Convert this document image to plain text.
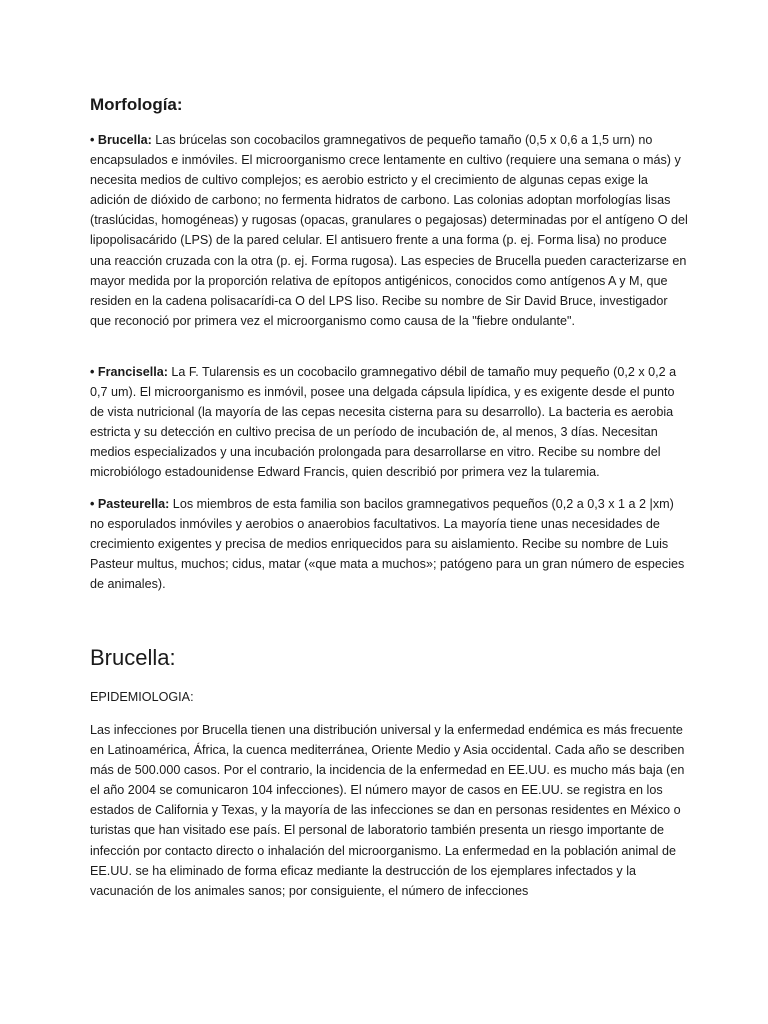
Morfología:

• Brucella: Las brúcelas son cocobacilos gramnegativos de pequeño tamaño (0,5 x 0,6 a 1,5 urn) no encapsulados e inmóviles. El microorganismo crece lentamente en cultivo (requiere una semana o más) y necesita medios de cultivo complejos; es aerobio estricto y el crecimiento de algunas cepas exige la adición de dióxido de carbono; no fermenta hidratos de carbono. Las colonias adoptan morfologías lisas (traslúcidas, homogéneas) y rugosas (opacas, granulares o pegajosas) determinadas por el antígeno O del lipopolisacárido (LPS) de la pared celular. El antisuero frente a una forma (p. ej. Forma lisa) no produce una reacción cruzada con la otra (p. ej. Forma rugosa). Las especies de Brucella pueden caracterizarse en mayor medida por la proporción relativa de epítopos antigénicos, conocidos como antígenos A y M, que residen en la cadena polisacarídi-ca O del LPS liso. Recibe su nombre de Sir David Bruce, investigador que reconoció por primera vez el microorganismo como causa de la "fiebre ondulante".

• Francisella: La F. Tularensis es un cocobacilo gramnegativo débil de tamaño muy pequeño (0,2 x 0,2 a 0,7 um). El microorganismo es inmóvil, posee una delgada cápsula lipídica, y es exigente desde el punto de vista nutricional (la mayoría de las cepas necesita cisterna para su desarrollo). La bacteria es aerobia estricta y su detección en cultivo precisa de un período de incubación de, al menos, 3 días. Necesitan medios especializados y una incubación prolongada para desarrollarse en vitro. Recibe su nombre del microbiólogo estadounidense Edward Francis, quien describió por primera vez la tularemia.

• Pasteurella: Los miembros de esta familia son bacilos gramnegativos pequeños (0,2 a 0,3 x 1 a 2 |xm) no esporulados inmóviles y aerobios o anaerobios facultativos. La mayoría tiene unas necesidades de crecimiento exigentes y precisa de medios enriquecidos para su aislamiento. Recibe su nombre de Luis Pasteur multus, muchos; cidus, matar («que mata a muchos»; patógeno para un gran número de especies de animales).

Brucella:

EPIDEMIOLOGIA:

Las infecciones por Brucella tienen una distribución universal y la enfermedad endémica es más frecuente en Latinoamérica, África, la cuenca mediterránea, Oriente Medio y Asia occidental. Cada año se describen más de 500.000 casos. Por el contrario, la incidencia de la enfermedad en EE.UU. es mucho más baja (en el año 2004 se comunicaron 104 infecciones). El número mayor de casos en EE.UU. se registra en los estados de California y Texas, y la mayoría de las infecciones se dan en personas residentes en México o turistas que han visitado ese país. El personal de laboratorio también presenta un riesgo importante de infección por contacto directo o inhalación del microorganismo. La enfermedad en la población animal de EE.UU. se ha eliminado de forma eficaz mediante la destrucción de los ejemplares infectados y la vacunación de los animales sanos; por consiguiente, el número de infecciones
